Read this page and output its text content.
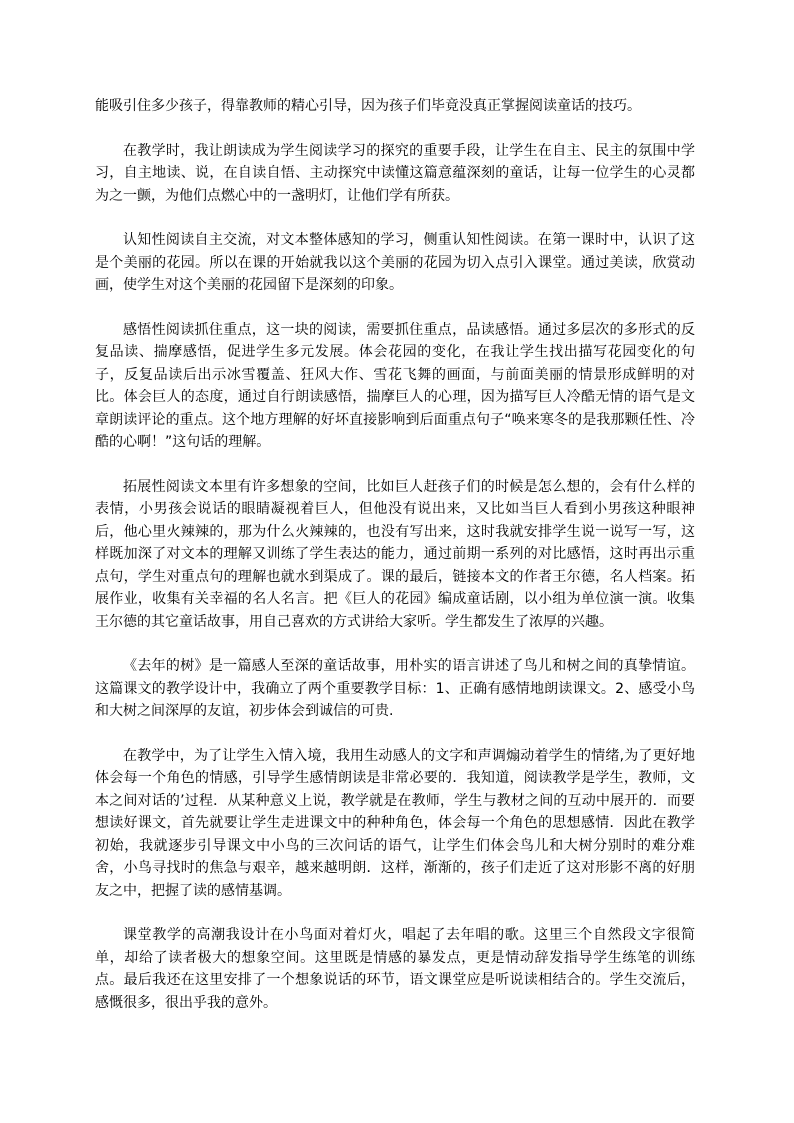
能吸引住多少孩子，得靠教师的精心引导，因为孩子们毕竟没真正掌握阅读童话的技巧。

在教学时，我让朗读成为学生阅读学习的探究的重要手段，让学生在自主、民主的氛围中学习，自主地读、说，在自读自悟、主动探究中读懂这篇意蕴深刻的童话，让每一位学生的心灵都为之一颤，为他们点燃心中的一盏明灯，让他们学有所获。

认知性阅读自主交流，对文本整体感知的学习，侧重认知性阅读。在第一课时中，认识了这是个美丽的花园。所以在课的开始就我以这个美丽的花园为切入点引入课堂。通过美读，欣赏动画，使学生对这个美丽的花园留下是深刻的印象。

感悟性阅读抓住重点，这一块的阅读，需要抓住重点，品读感悟。通过多层次的多形式的反复品读、揣摩感悟，促进学生多元发展。体会花园的变化，在我让学生找出描写花园变化的句子，反复品读后出示冰雪覆盖、狂风大作、雪花飞舞的画面，与前面美丽的情景形成鲜明的对比。体会巨人的态度，通过自行朗读感悟，揣摩巨人的心理，因为描写巨人冷酷无情的语气是文章朗读评论的重点。这个地方理解的好坏直接影响到后面重点句子“唤来寒冬的是我那颗任性、冷酷的心啊！”这句话的理解。

拓展性阅读文本里有许多想象的空间，比如巨人赶孩子们的时候是怎么想的，会有什么样的表情，小男孩会说话的眼睛凝视着巨人，但他没有说出来，又比如当巨人看到小男孩这种眼神后，他心里火辣辣的，那为什么火辣辣的，也没有写出来，这时我就安排学生说一说写一写，这样既加深了对文本的理解又训练了学生表达的能力，通过前期一系列的对比感悟，这时再出示重点句，学生对重点句的理解也就水到渠成了。课的最后，链接本文的作者王尔德，名人档案。拓展作业，收集有关幸福的名人名言。把《巨人的花园》编成童话剧，以小组为单位演一演。收集王尔德的其它童话故事，用自己喜欢的方式讲给大家听。学生都发生了浓厚的兴趣。

《去年的树》是一篇感人至深的童话故事，用朴实的语言讲述了鸟儿和树之间的真挚情谊。这篇课文的教学设计中，我确立了两个重要教学目标：1、正确有感情地朗读课文。2、感受小鸟和大树之间深厚的友谊，初步体会到诚信的可贵.

在教学中，为了让学生入情入境，我用生动感人的文字和声调煽动着学生的情绪,为了更好地体会每一个角色的情感，引导学生感情朗读是非常必要的．我知道，阅读教学是学生，教师，文本之间对话的’过程．从某种意义上说，教学就是在教师，学生与教材之间的互动中展开的．而要想读好课文，首先就要让学生走进课文中的种种角色，体会每一个角色的思想感情．因此在教学初始，我就逐步引导课文中小鸟的三次问话的语气，让学生们体会鸟儿和大树分别时的难分难舍，小鸟寻找时的焦急与艰辛，越来越明朗．这样，渐渐的，孩子们走近了这对形影不离的好朋友之中，把握了读的感情基调。

课堂教学的高潮我设计在小鸟面对着灯火，唱起了去年唱的歌。这里三个自然段文字很简单，却给了读者极大的想象空间。这里既是情感的暴发点，更是情动辞发指导学生练笔的训练点。最后我还在这里安排了一个想象说话的环节，语文课堂应是听说读相结合的。学生交流后，感慨很多，很出乎我的意外。
